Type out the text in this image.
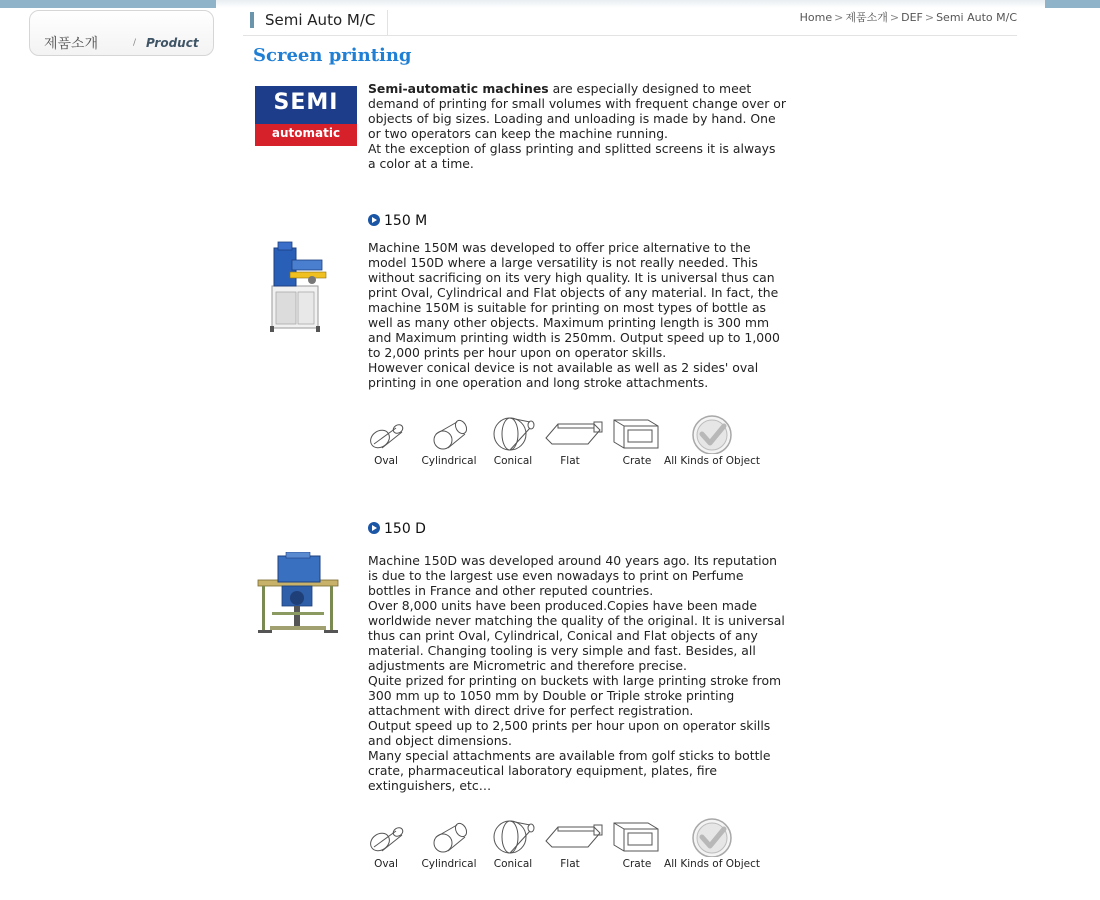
제품소개	/ Product
Semi Auto M/C	Home > 제품소개 > DEF > Semi Auto M/C
Screen printing
SEMI
automatic

Semi-automatic machines are especially designed to meet demand of printing for small volumes with frequent change over or objects of big sizes. Loading and unloading is made by hand. One or two operators can keep the machine running.

At the exception of glass printing and splitted screens it is always a color at a time.

150 M

Machine 150M was developed to offer price alternative to the model 150D where a large versatility is not really needed. This without sacrificing on its very high quality. It is universal thus can print Oval, Cylindrical and Flat objects of any material. In fact, the machine 150M is suitable for printing on most types of bottle as well as many other objects. Maximum printing length is 300 mm and Maximum printing width is 250mm. Output speed up to 1,000 to 2,000 prints per hour upon on operator skills.

However conical device is not available as well as 2 sides' oval printing in one operation and long stroke attachments.

Oval	Cylindrical	Conical	Flat	Crate	All Kinds of Object
150 D

Machine 150D was developed around 40 years ago. Its reputation is due to the largest use even nowadays to print on Perfume bottles in France and other reputed countries.

Over 8,000 units have been produced.Copies have been made worldwide never matching the quality of the original. It is universal thus can print Oval, Cylindrical, Conical and Flat objects of any material. Changing tooling is very simple and fast. Besides, all adjustments are Micrometric and therefore precise.

Quite prized for printing on buckets with large printing stroke from 300 mm up to 1050 mm by Double or Triple stroke printing attachment with direct drive for perfect registration.

Output speed up to 2,500 prints per hour upon on operator skills and object dimensions.

Many special attachments are available from golf sticks to bottle crate, pharmaceutical laboratory equipment, plates, fire extinguishers, etc…

Oval	Cylindrical	Conical	Flat	Crate	All Kinds of Object
